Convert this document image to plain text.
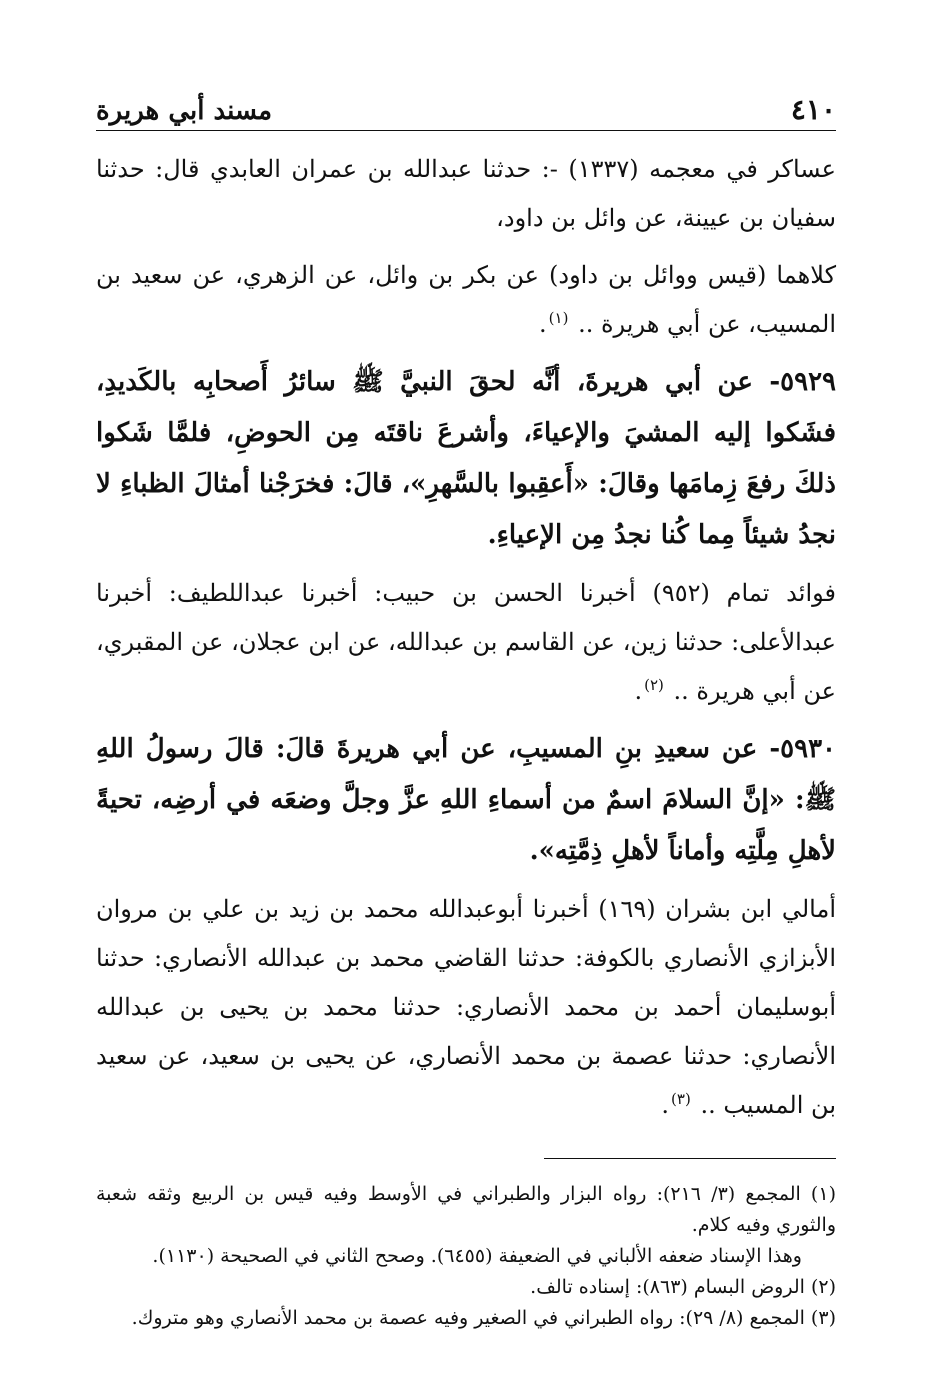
٤١٠
مسند أبي هريرة

عساكر في معجمه (١٣٣٧) -: حدثنا عبدالله بن عمران العابدي قال: حدثنا سفيان بن عيينة، عن وائل بن داود،

كلاهما (قيس ووائل بن داود) عن بكر بن وائل، عن الزهري، عن سعيد بن المسيب، عن أبي هريرة .. $^{(١)}$.

٥٩٢٩- عن أبي هريرةَ، أنَّه لحقَ النبيَّ ﷺ سائرُ أَصحابِه بالكَديدِ، فشَكوا إليه المشيَ والإعياءَ، وأشرعَ ناقتَه مِن الحوضِ، فلمَّا شَكوا ذلكَ رفعَ زِمامَها وقالَ: «أَعقِبوا بالسَّهرِ»، قالَ: فخرَجْنا أمثالَ الظباءِ لا نجدُ شيئاً مِما كُنا نجدُ مِن الإعياءِ.

فوائد تمام (٩٥٢) أخبرنا الحسن بن حبيب: أخبرنا عبداللطيف: أخبرنا عبدالأعلى: حدثنا زين، عن القاسم بن عبدالله، عن ابن عجلان، عن المقبري، عن أبي هريرة .. $^{(٢)}$.

٥٩٣٠- عن سعيدِ بنِ المسيبِ، عن أبي هريرةَ قالَ: قالَ رسولُ اللهِ ﷺ: «إنَّ السلامَ اسمٌ من أسماءِ اللهِ عزَّ وجلَّ وضعَه في أرضِه، تحيةً لأهلِ مِلَّتِه وأماناً لأهلِ ذِمَّتِه».

أمالي ابن بشران (١٦٩) أخبرنا أبوعبدالله محمد بن زيد بن علي بن مروان الأبزازي الأنصاري بالكوفة: حدثنا القاضي محمد بن عبدالله الأنصاري: حدثنا أبوسليمان أحمد بن محمد الأنصاري: حدثنا محمد بن يحيى بن عبدالله الأنصاري: حدثنا عصمة بن محمد الأنصاري، عن يحيى بن سعيد، عن سعيد بن المسيب .. $^{(٣)}$.

(١) المجمع (٣/ ٢١٦): رواه البزار والطبراني في الأوسط وفيه قيس بن الربيع وثقه شعبة والثوري وفيه كلام.

وهذا الإسناد ضعفه الألباني في الضعيفة (٦٤٥٥). وصحح الثاني في الصحيحة (١١٣٠).

(٢) الروض البسام (٨٦٣): إسناده تالف.

(٣) المجمع (٨/ ٢٩): رواه الطبراني في الصغير وفيه عصمة بن محمد الأنصاري وهو متروك.
